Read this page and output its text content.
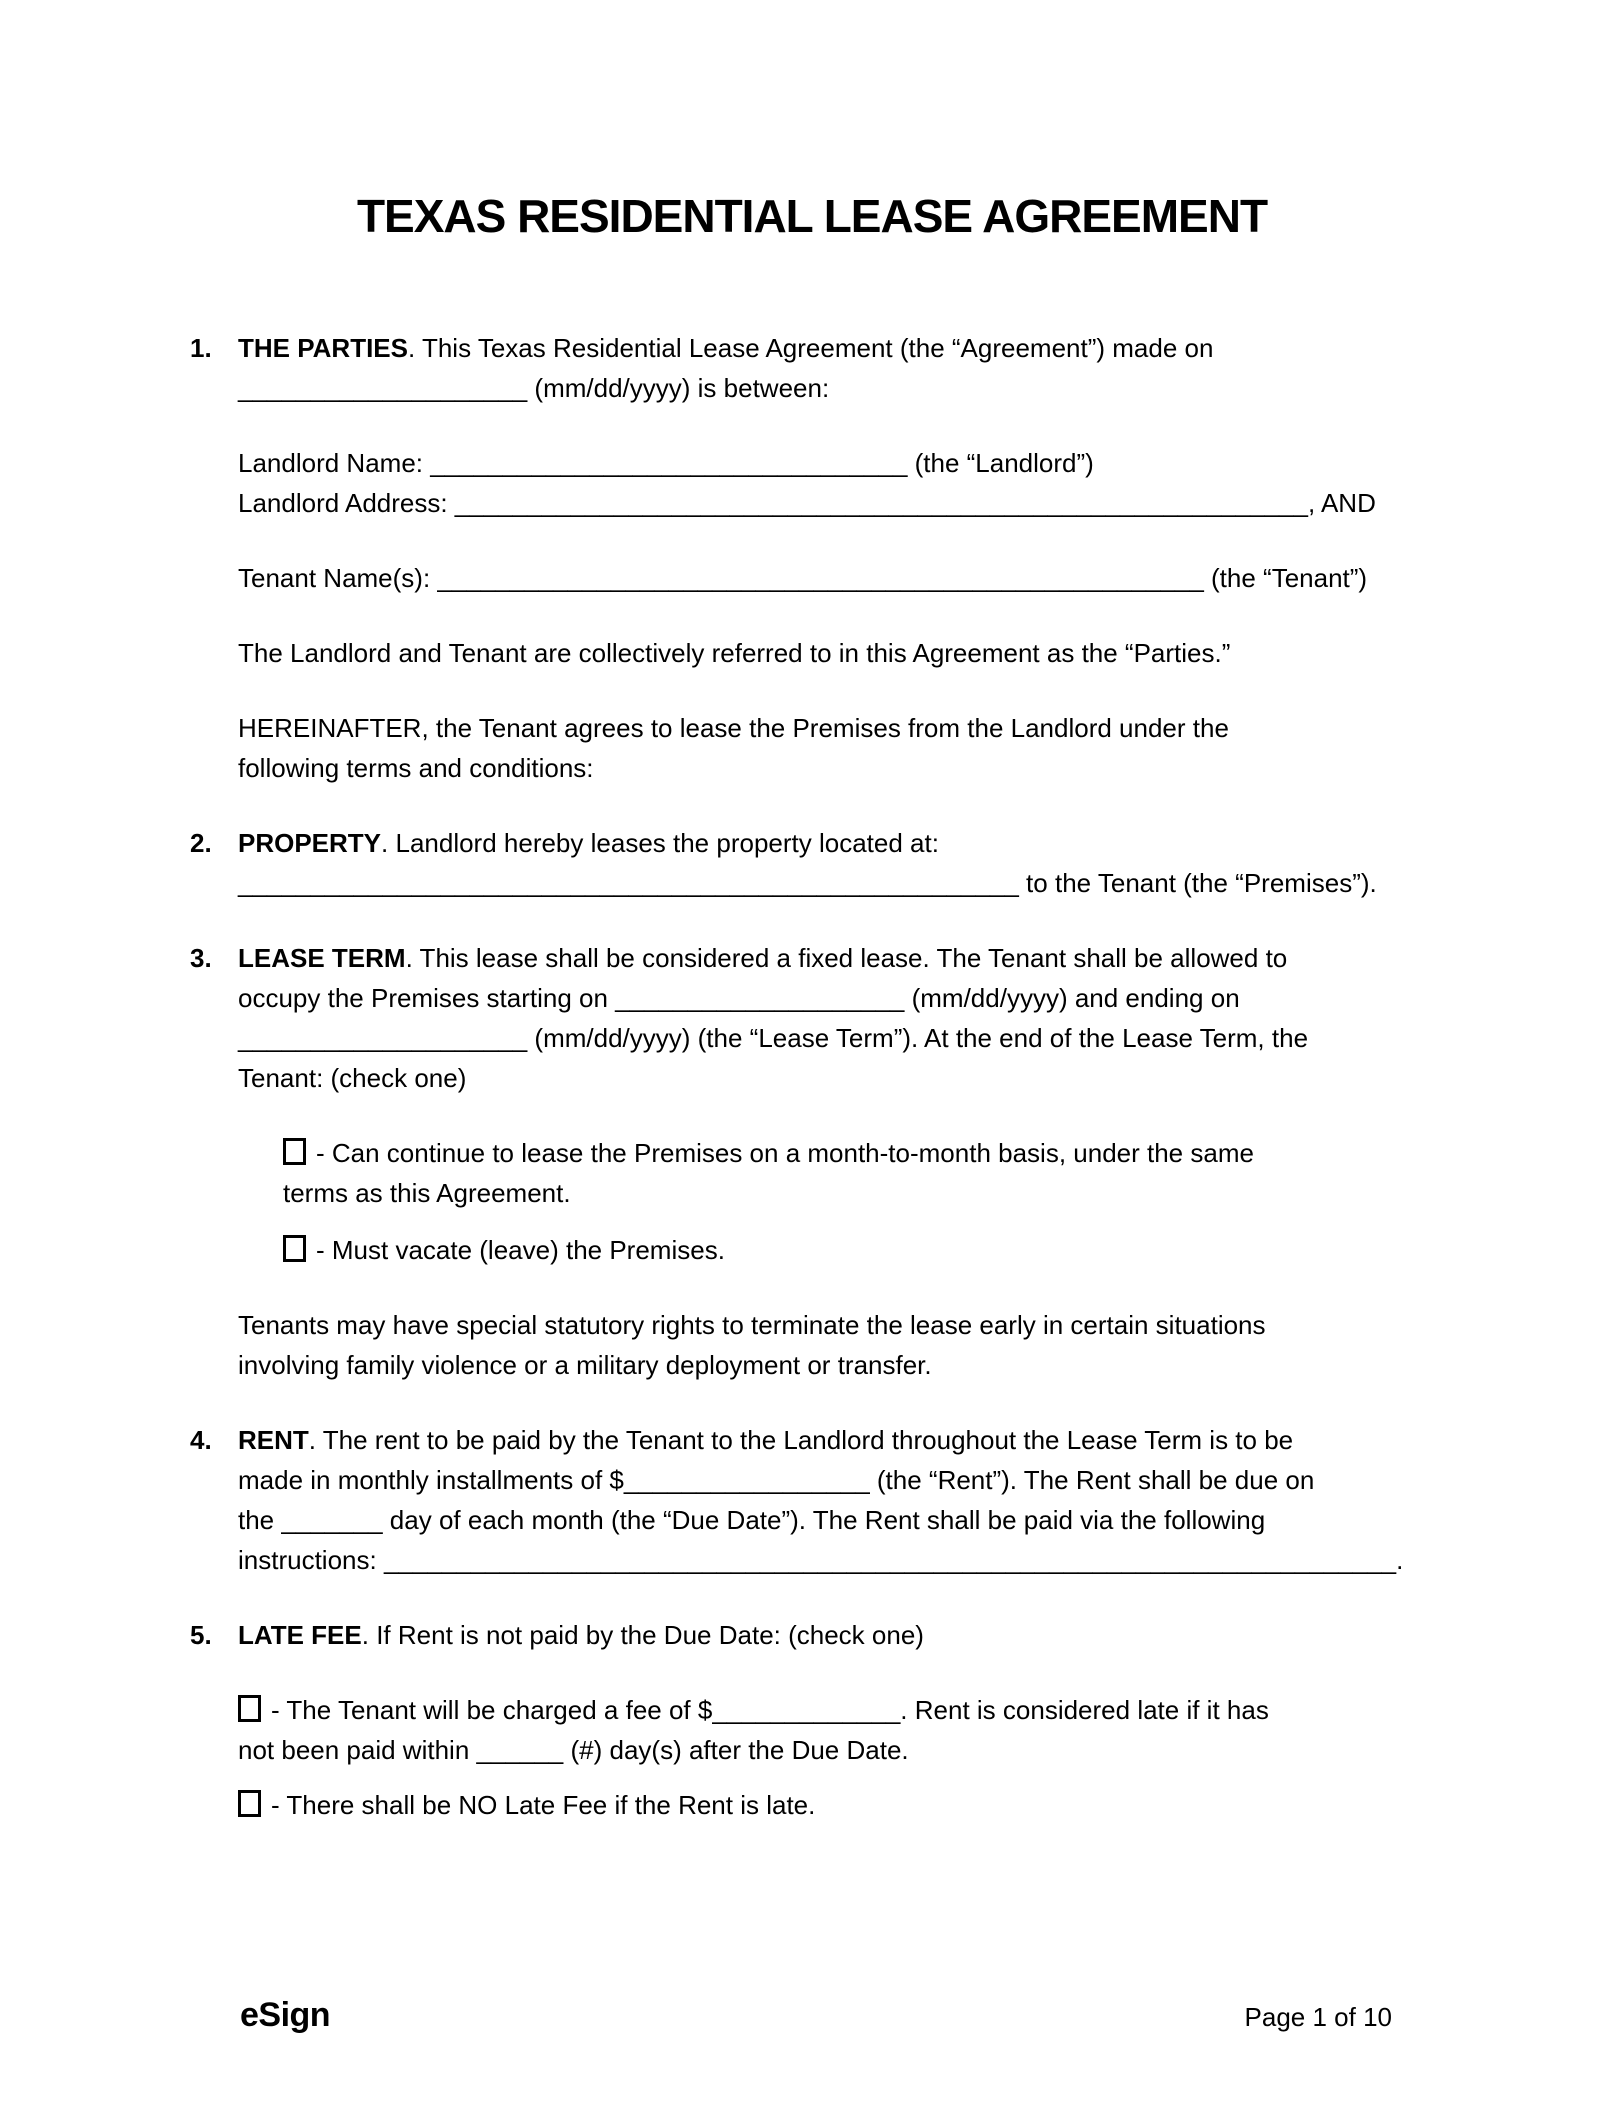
TEXAS RESIDENTIAL LEASE AGREEMENT
1.	THE PARTIES. This Texas Residential Lease Agreement (the “Agreement”) made on
____________________ (mm/dd/yyyy) is between:
Landlord Name: _________________________________ (the “Landlord”)
Landlord Address: ___________________________________________________________, AND
Tenant Name(s): _____________________________________________________ (the “Tenant”)
The Landlord and Tenant are collectively referred to in this Agreement as the “Parties.”
HEREINAFTER, the Tenant agrees to lease the Premises from the Landlord under the
following terms and conditions:
2.	PROPERTY. Landlord hereby leases the property located at:
______________________________________________________ to the Tenant (the “Premises”).
3.	LEASE TERM. This lease shall be considered a fixed lease. The Tenant shall be allowed to
occupy the Premises starting on ____________________ (mm/dd/yyyy) and ending on
____________________ (mm/dd/yyyy) (the “Lease Term”). At the end of the Lease Term, the
Tenant: (check one)
- Can continue to lease the Premises on a month-to-month basis, under the same
terms as this Agreement.
- Must vacate (leave) the Premises.
Tenants may have special statutory rights to terminate the lease early in certain situations
involving family violence or a military deployment or transfer.
4.	RENT. The rent to be paid by the Tenant to the Landlord throughout the Lease Term is to be
made in monthly installments of $_________________ (the “Rent”). The Rent shall be due on
the _______ day of each month (the “Due Date”). The Rent shall be paid via the following
instructions: ______________________________________________________________________.
5.	LATE FEE. If Rent is not paid by the Due Date: (check one)
- The Tenant will be charged a fee of $_____________. Rent is considered late if it has
not been paid within ______ (#) day(s) after the Due Date.
- There shall be NO Late Fee if the Rent is late.
eSign	Page 1 of 10
